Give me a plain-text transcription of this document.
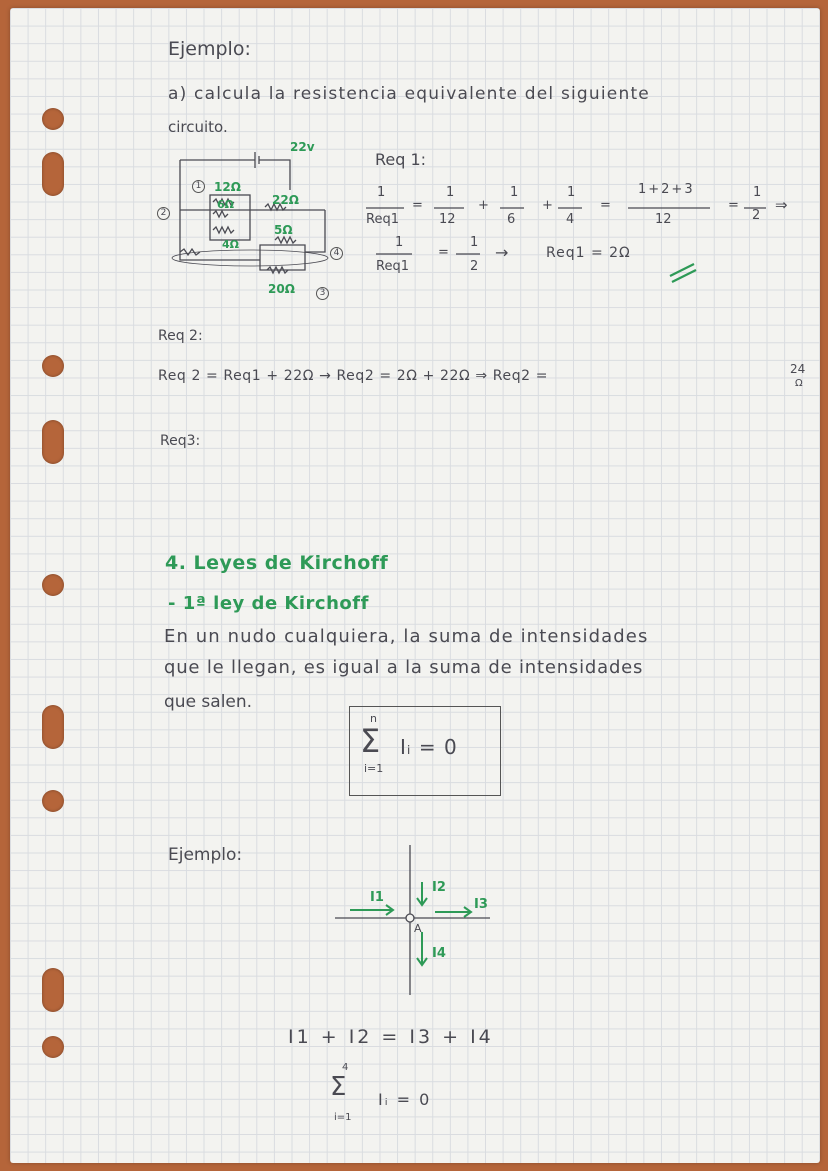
Ejemplo:
a) calcula la resistencia equivalente del siguiente
circuito.
22v
12Ω
6Ω	22Ω
5Ω
4Ω
20Ω
1
2
3
4
Req 1:
1
Req1
=
1
12
+
1
6
+
1
4
=
1+2+3
12
=
1
2
⇒
1
Req1
=
1
2
→	Req1 = 2Ω
Req 2:
Req 2 = Req1 + 22Ω → Req2 = 2Ω + 22Ω ⇒ Req2 =	24
Ω
Req3:
4. Leyes de Kirchoff
- 1ª ley de Kirchoff
En un nudo cualquiera, la suma de intensidades
que le llegan, es igual a la suma de intensidades
que salen.
n
Σ Iᵢ = 0
i=1
Ejemplo:
I1
I2
I3
I4
A
I1 + I2 = I3 + I4
4
Σ Iᵢ = 0
i=1
